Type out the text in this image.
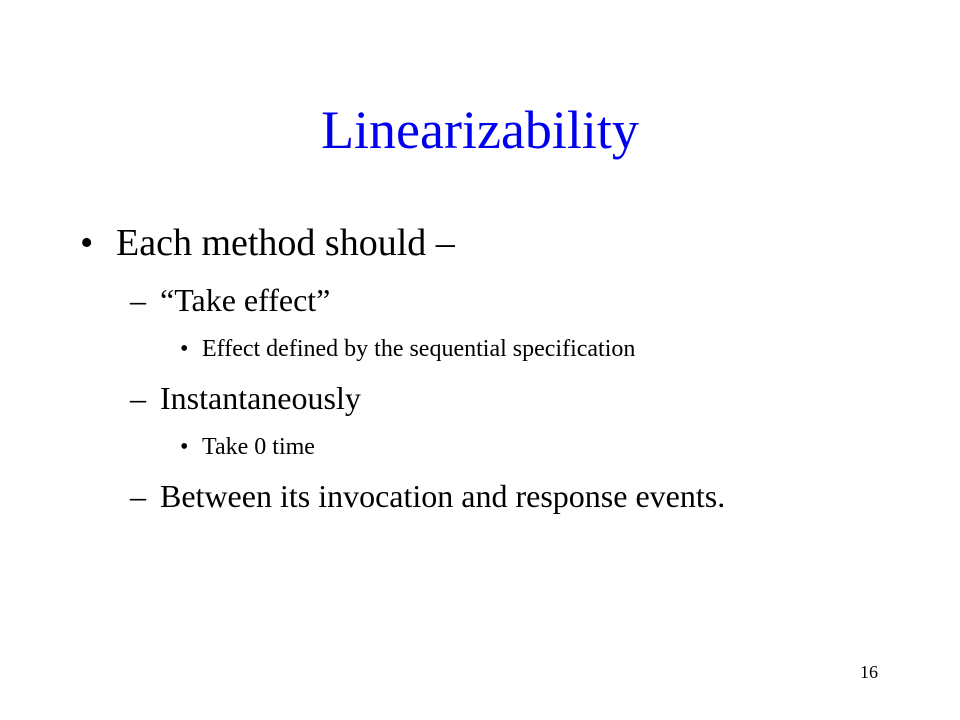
Linearizability
• Each method should –
– “Take effect”
• Effect defined by the sequential specification
– Instantaneously
• Take 0 time
– Between its invocation and response events.
16
